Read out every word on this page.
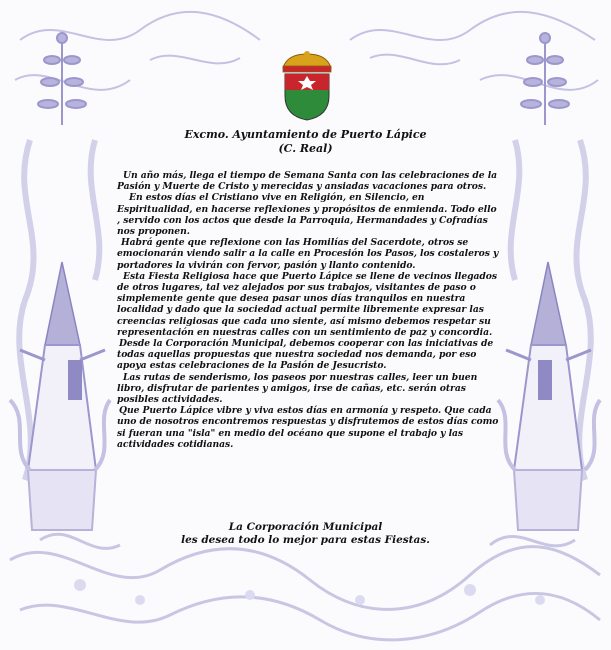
Excmo. Ayuntamiento de Puerto Lápice
(C. Real)

Un año más, llega el tiempo de Semana Santa con las celebraciones de la Pasión y Muerte de Cristo y merecidas y ansiadas vacaciones para otros.

En estos días el Cristiano vive en Religión, en Silencio, en Espiritualidad, en hacerse reflexiones y propósitos de enmienda. Todo ello , servido con los actos que desde la Parroquia, Hermandades y Cofradías nos proponen.

Habrá gente que reflexione con las Homilías del Sacerdote, otros se emocionarán viendo salir a la calle en Procesión los Pasos, los costaleros y portadores la vivirán con fervor, pasión y llanto contenido.

Esta Fiesta Religiosa hace que Puerto Lápice se llene de vecinos llegados de otros lugares, tal vez alejados por sus trabajos, visitantes de paso o simplemente gente que desea pasar unos días tranquilos en nuestra localidad y dado que la sociedad actual permite libremente expresar las creencias religiosas que cada uno siente, así mismo debemos respetar su representación en nuestras calles con un sentimiento de paz y concordia.

Desde la Corporación Municipal, debemos cooperar con las iniciativas de todas aquellas propuestas que nuestra sociedad nos demanda, por eso apoya estas celebraciones de la Pasión de Jesucristo.

Las rutas de senderismo, los paseos por nuestras calles, leer un buen libro, disfrutar de parientes y amigos, irse de cañas, etc. serán otras posibles actividades.

Que Puerto Lápice vibre y viva estos días en armonía y respeto. Que cada uno de nosotros encontremos respuestas y disfrutemos de estos días como si fueran una "isla" en medio del océano que supone el trabajo y las actividades cotidianas.

La Corporación Municipal
les desea todo lo mejor para estas Fiestas.
